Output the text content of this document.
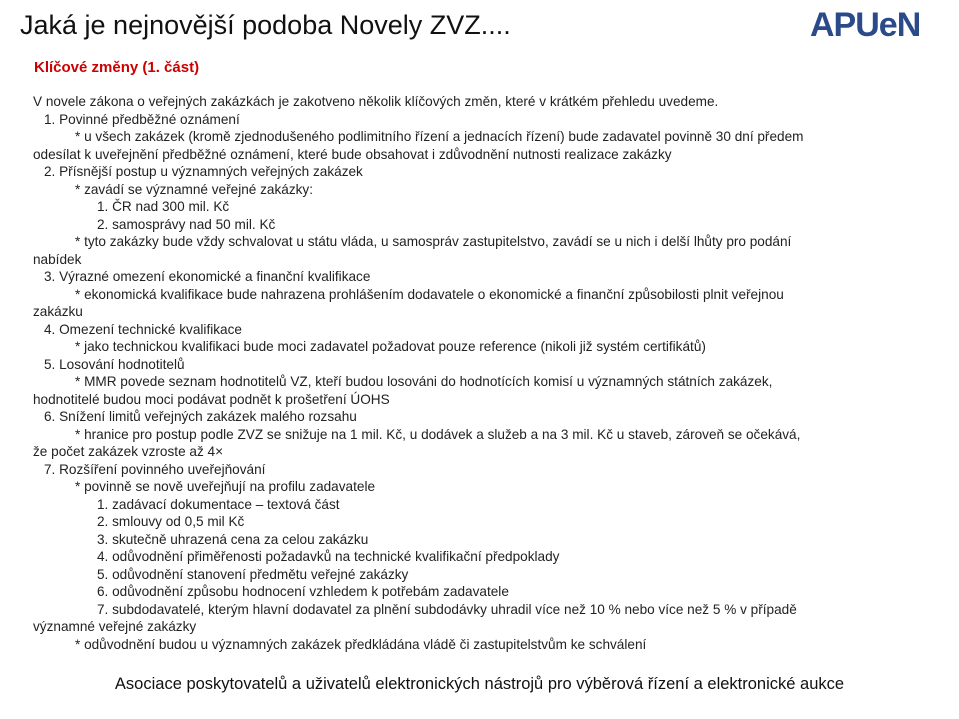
Jaká je nejnovější podoba Novely ZVZ....	APUeN
Klíčové změny (1. část)
V novele zákona o veřejných zakázkách je zakotveno několik klíčových změn, které v krátkém přehledu uvedeme.
1. Povinné předběžné oznámení
* u všech zakázek (kromě zjednodušeného podlimitního řízení a jednacích řízení) bude zadavatel povinně 30 dní předem
odesílat k uveřejnění předběžné oznámení, které bude obsahovat i zdůvodnění nutnosti realizace zakázky
2. Přísnější postup u významných veřejných zakázek
* zavádí se významné veřejné zakázky:
1. ČR nad 300 mil. Kč
2. samosprávy nad 50 mil. Kč
* tyto zakázky bude vždy schvalovat u státu vláda, u samospráv zastupitelstvo, zavádí se u nich i delší lhůty pro podání
nabídek
3. Výrazné omezení ekonomické a finanční kvalifikace
* ekonomická kvalifikace bude nahrazena prohlášením dodavatele o ekonomické a finanční způsobilosti plnit veřejnou
zakázku
4. Omezení technické kvalifikace
* jako technickou kvalifikaci bude moci zadavatel požadovat pouze reference (nikoli již systém certifikátů)
5. Losování hodnotitelů
* MMR povede seznam hodnotitelů VZ, kteří budou losováni do hodnotících komisí u významných státních zakázek,
hodnotitelé budou moci podávat podnět k prošetření ÚOHS
6. Snížení limitů veřejných zakázek malého rozsahu
* hranice pro postup podle ZVZ se snižuje na 1 mil. Kč, u dodávek a služeb a na 3 mil. Kč u staveb, zároveň se očekává,
že počet zakázek vzroste až 4×
7. Rozšíření povinného uveřejňování
* povinně se nově uveřejňují na profilu zadavatele
1. zadávací dokumentace – textová část
2. smlouvy od 0,5 mil Kč
3. skutečně uhrazená cena za celou zakázku
4. odůvodnění přiměřenosti požadavků na technické kvalifikační předpoklady
5. odůvodnění stanovení předmětu veřejné zakázky
6. odůvodnění způsobu hodnocení vzhledem k potřebám zadavatele
7. subdodavatelé, kterým hlavní dodavatel za plnění subdodávky uhradil více než 10 % nebo více než 5 % v případě
významné veřejné zakázky
* odůvodnění budou u významných zakázek předkládána vládě či zastupitelstvům ke schválení
Asociace poskytovatelů a uživatelů elektronických nástrojů pro výběrová řízení a elektronické aukce
